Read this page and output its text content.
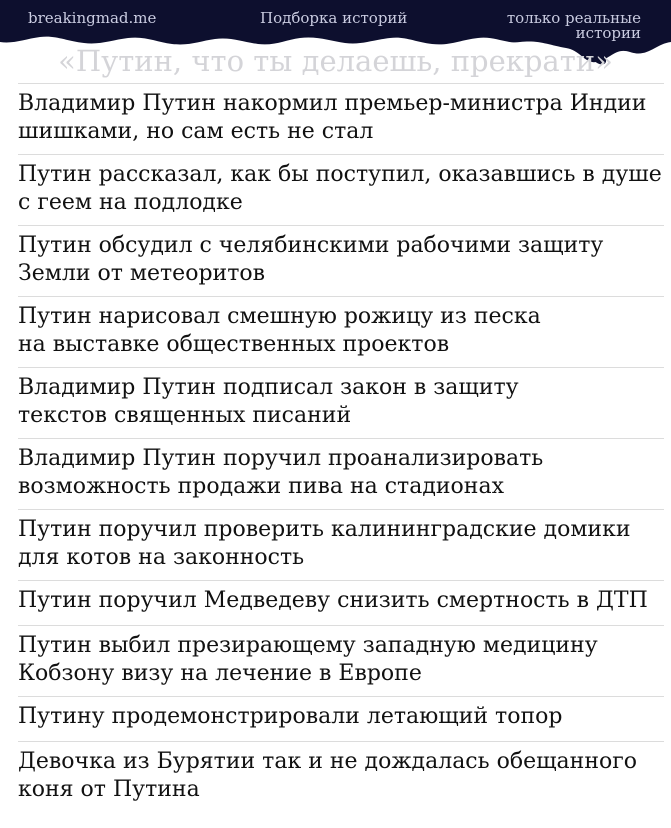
breakingmad.me	Подборка историй	только реальные истории
«Путин, что ты делаешь, прекрати»
Владимир Путин накормил премьер-министра Индии
шишками, но сам есть не стал
Путин рассказал, как бы поступил, оказавшись в душе
с геем на подлодке
Путин обсудил с челябинскими рабочими защиту
Земли от метеоритов
Путин нарисовал смешную рожицу из песка
на выставке общественных проектов
Владимир Путин подписал закон в защиту
текстов священных писаний
Владимир Путин поручил проанализировать
возможность продажи пива на стадионах
Путин поручил проверить калининградские домики
для котов на законность
Путин поручил Медведеву снизить смертность в ДТП
Путин выбил презирающему западную медицину
Кобзону визу на лечение в Европе
Путину продемонстрировали летающий топор
Девочка из Бурятии так и не дождалась обещанного
коня от Путина
